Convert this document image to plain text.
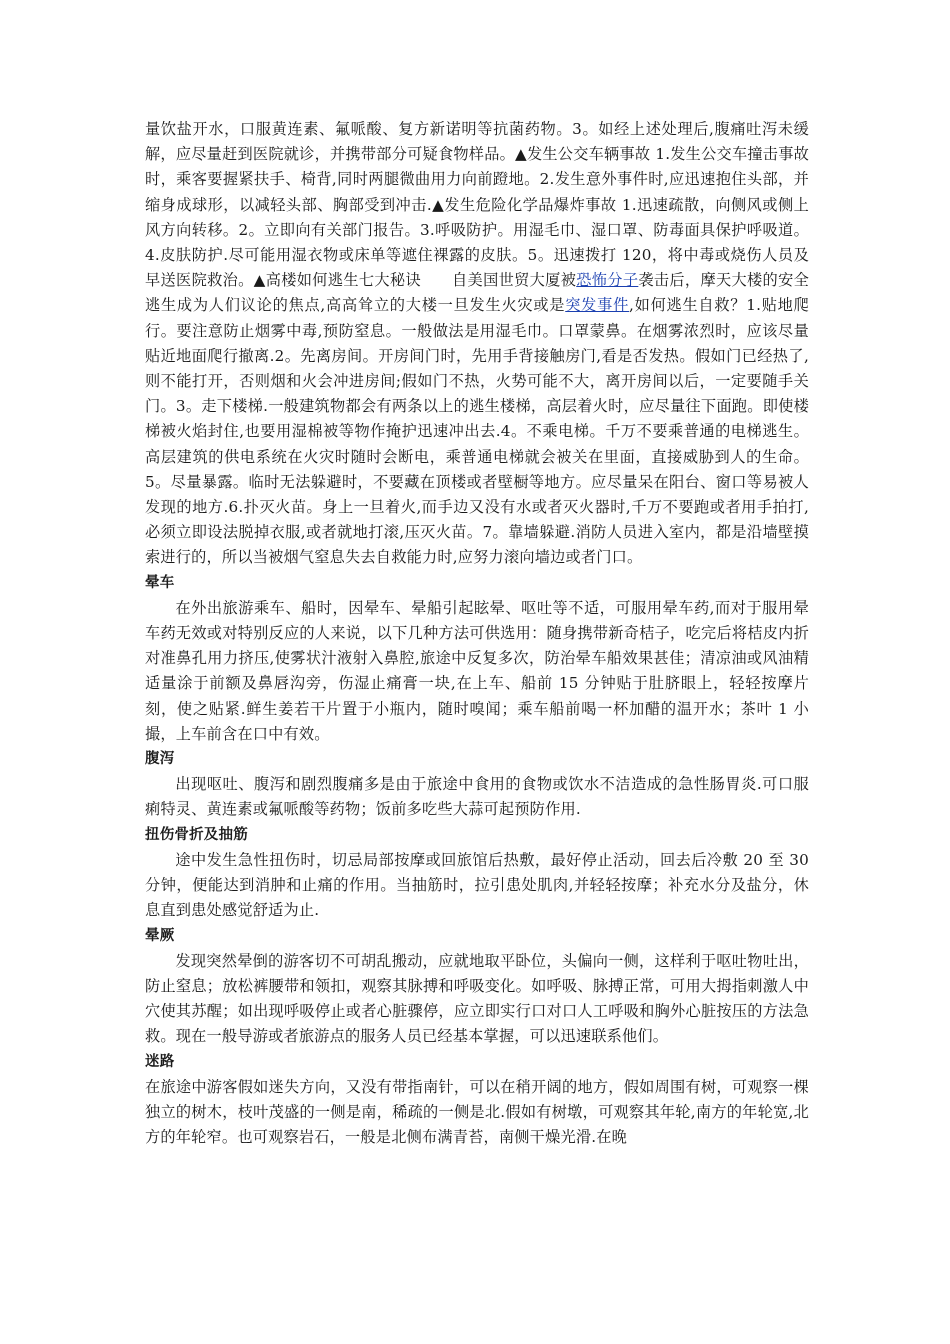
量饮盐开水，口服黄连素、氟哌酸、复方新诺明等抗菌药物。3。如经上述处理后,腹痛吐泻未缓解，应尽量赶到医院就诊，并携带部分可疑食物样品。▲发生公交车辆事故 1.发生公交车撞击事故时，乘客要握紧扶手、椅背,同时两腿微曲用力向前蹬地。2.发生意外事件时,应迅速抱住头部，并缩身成球形，以减轻头部、胸部受到冲击.▲发生危险化学品爆炸事故 1.迅速疏散，向侧风或侧上风方向转移。2。立即向有关部门报告。3.呼吸防护。用湿毛巾、湿口罩、防毒面具保护呼吸道。4.皮肤防护.尽可能用湿衣物或床单等遮住裸露的皮肤。5。迅速拨打 120，将中毒或烧伤人员及早送医院救治。▲高楼如何逃生七大秘诀　　自美国世贸大厦被恐怖分子袭击后，摩天大楼的安全逃生成为人们议论的焦点,高高耸立的大楼一旦发生火灾或是突发事件,如何逃生自救？1.贴地爬行。要注意防止烟雾中毒,预防窒息。一般做法是用湿毛巾。口罩蒙鼻。在烟雾浓烈时，应该尽量贴近地面爬行撤离.2。先离房间。开房间门时，先用手背接触房门,看是否发热。假如门已经热了,则不能打开，否则烟和火会冲进房间;假如门不热，火势可能不大，离开房间以后，一定要随手关门。3。走下楼梯.一般建筑物都会有两条以上的逃生楼梯，高层着火时，应尽量往下面跑。即使楼梯被火焰封住,也要用湿棉被等物作掩护迅速冲出去.4。不乘电梯。千万不要乘普通的电梯逃生。高层建筑的供电系统在火灾时随时会断电，乘普通电梯就会被关在里面，直接威胁到人的生命。5。尽量暴露。临时无法躲避时，不要藏在顶楼或者壁橱等地方。应尽量呆在阳台、窗口等易被人发现的地方.6.扑灭火苗。身上一旦着火,而手边又没有水或者灭火器时,千万不要跑或者用手拍打,必须立即设法脱掉衣服,或者就地打滚,压灭火苗。7。靠墙躲避.消防人员进入室内，都是沿墙壁摸索进行的，所以当被烟气窒息失去自救能力时,应努力滚向墙边或者门口。

晕车

在外出旅游乘车、船时，因晕车、晕船引起眩晕、呕吐等不适，可服用晕车药,而对于服用晕车药无效或对特别反应的人来说，以下几种方法可供选用：随身携带新奇桔子，吃完后将桔皮内折对准鼻孔用力挤压,使雾状汁液射入鼻腔,旅途中反复多次，防治晕车船效果甚佳；清凉油或风油精适量涂于前额及鼻唇沟旁，伤湿止痛膏一块,在上车、船前 15 分钟贴于肚脐眼上，轻轻按摩片刻，使之贴紧.鲜生姜若干片置于小瓶内，随时嗅闻；乘车船前喝一杯加醋的温开水；茶叶 1 小撮，上车前含在口中有效。

腹泻

出现呕吐、腹泻和剧烈腹痛多是由于旅途中食用的食物或饮水不洁造成的急性肠胃炎.可口服痢特灵、黄连素或氟哌酸等药物；饭前多吃些大蒜可起预防作用.

扭伤骨折及抽筋

途中发生急性扭伤时，切忌局部按摩或回旅馆后热敷，最好停止活动，回去后冷敷 20 至 30 分钟，便能达到消肿和止痛的作用。当抽筋时，拉引患处肌肉,并轻轻按摩；补充水分及盐分，休息直到患处感觉舒适为止.

晕厥

发现突然晕倒的游客切不可胡乱搬动，应就地取平卧位，头偏向一侧，这样利于呕吐物吐出，防止窒息；放松裤腰带和领扣，观察其脉搏和呼吸变化。如呼吸、脉搏正常，可用大拇指刺激人中穴使其苏醒；如出现呼吸停止或者心脏骤停，应立即实行口对口人工呼吸和胸外心脏按压的方法急救。现在一般导游或者旅游点的服务人员已经基本掌握，可以迅速联系他们。

迷路

在旅途中游客假如迷失方向，又没有带指南针，可以在稍开阔的地方，假如周围有树，可观察一棵独立的树木，枝叶茂盛的一侧是南，稀疏的一侧是北.假如有树墩，可观察其年轮,南方的年轮宽,北方的年轮窄。也可观察岩石，一般是北侧布满青苔，南侧干燥光滑.在晚
